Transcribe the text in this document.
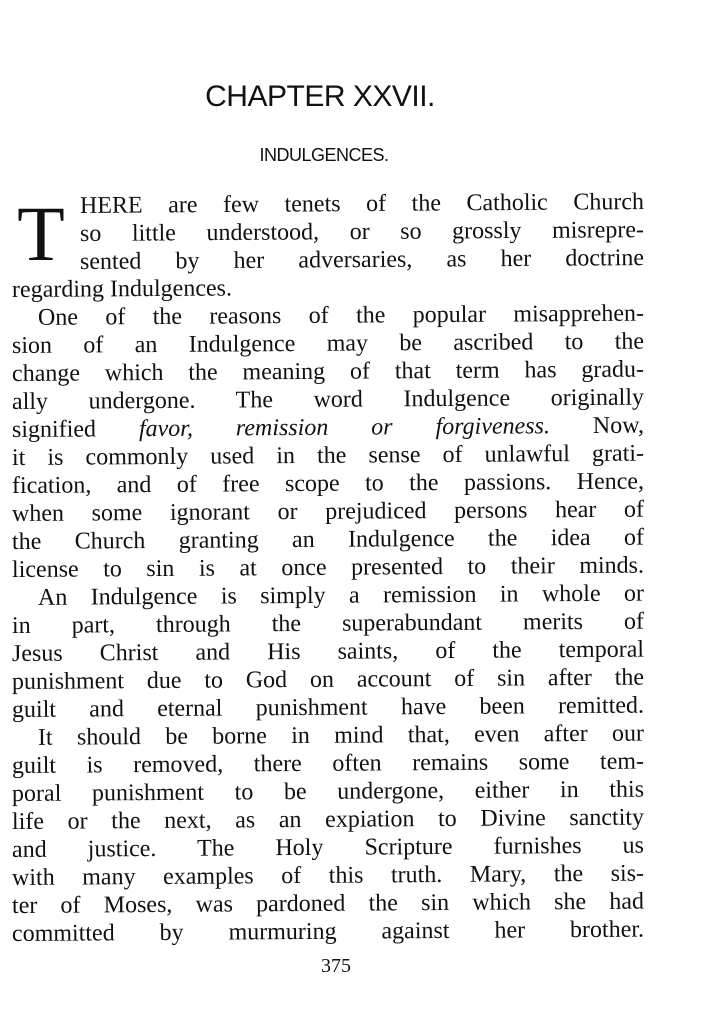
CHAPTER XXVII.
INDULGENCES.
T HERE are few tenets of the Catholic Church
so little understood, or so grossly misrepre-
sented by her adversaries, as her doctrine
regarding Indulgences.
One of the reasons of the popular misapprehen-
sion of an Indulgence may be ascribed to the
change which the meaning of that term has gradu-
ally undergone. The word Indulgence originally
signified favor, remission or forgiveness. Now,
it is commonly used in the sense of unlawful grati-
fication, and of free scope to the passions. Hence,
when some ignorant or prejudiced persons hear of
the Church granting an Indulgence the idea of
license to sin is at once presented to their minds.
An Indulgence is simply a remission in whole or
in part, through the superabundant merits of
Jesus Christ and His saints, of the temporal
punishment due to God on account of sin after the
guilt and eternal punishment have been remitted.
It should be borne in mind that, even after our
guilt is removed, there often remains some tem-
poral punishment to be undergone, either in this
life or the next, as an expiation to Divine sanctity
and justice. The Holy Scripture furnishes us
with many examples of this truth. Mary, the sis-
ter of Moses, was pardoned the sin which she had
committed by murmuring against her brother.
375
